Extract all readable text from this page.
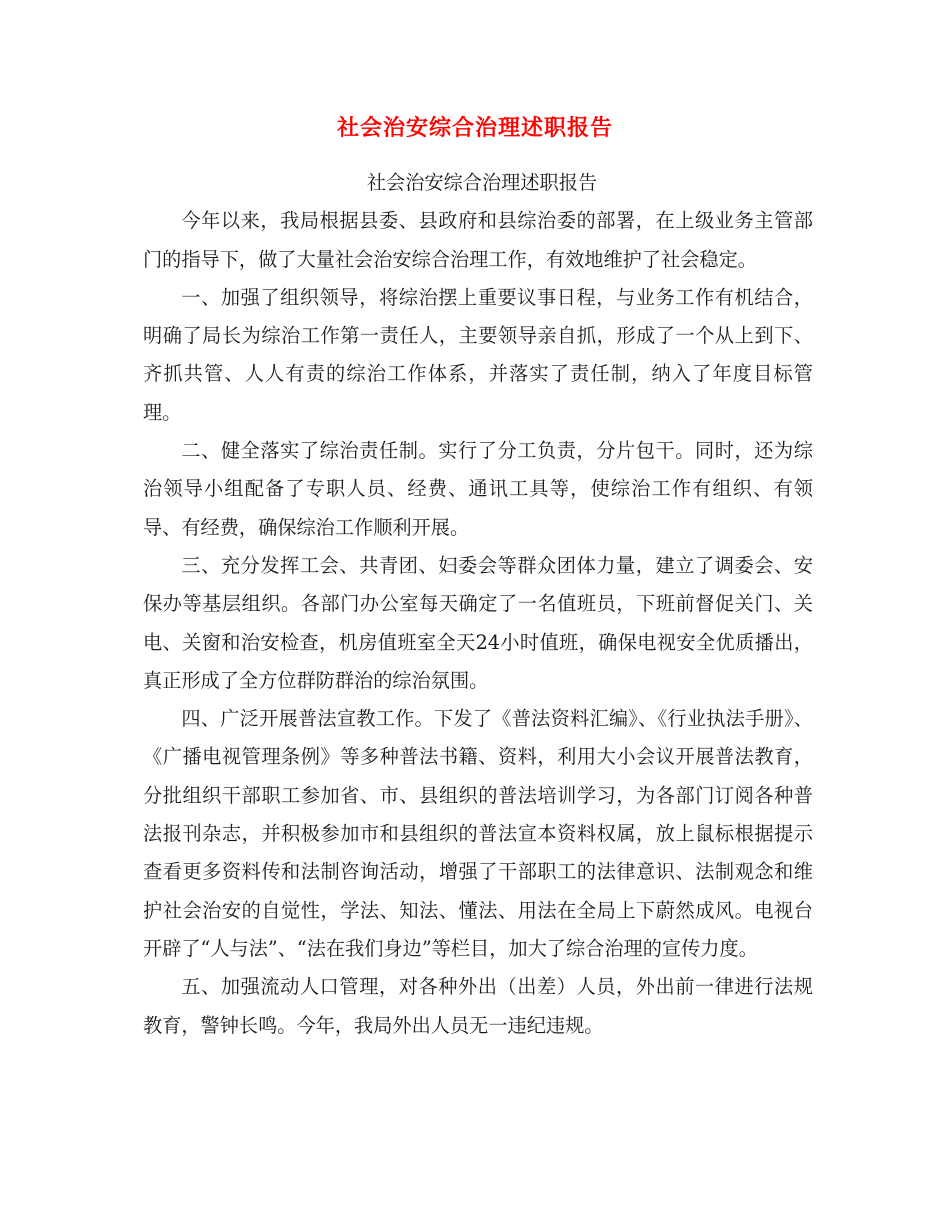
社会治安综合治理述职报告

社会治安综合治理述职报告

今年以来，我局根据县委、县政府和县综治委的部署，在上级业务主管部门的指导下，做了大量社会治安综合治理工作，有效地维护了社会稳定。

一、加强了组织领导，将综治摆上重要议事日程，与业务工作有机结合，明确了局长为综治工作第一责任人，主要领导亲自抓，形成了一个从上到下、齐抓共管、人人有责的综治工作体系，并落实了责任制，纳入了年度目标管理。

二、健全落实了综治责任制。实行了分工负责，分片包干。同时，还为综治领导小组配备了专职人员、经费、通讯工具等，使综治工作有组织、有领导、有经费，确保综治工作顺利开展。

三、充分发挥工会、共青团、妇委会等群众团体力量，建立了调委会、安保办等基层组织。各部门办公室每天确定了一名值班员，下班前督促关门、关电、关窗和治安检查，机房值班室全天24小时值班，确保电视安全优质播出，真正形成了全方位群防群治的综治氛围。

四、广泛开展普法宣教工作。下发了《普法资料汇编》、《行业执法手册》、《广播电视管理条例》等多种普法书籍、资料，利用大小会议开展普法教育，分批组织干部职工参加省、市、县组织的普法培训学习，为各部门订阅各种普法报刊杂志，并积极参加市和县组织的普法宣本资料权属，放上鼠标根据提示查看更多资料传和法制咨询活动，增强了干部职工的法律意识、法制观念和维护社会治安的自觉性，学法、知法、懂法、用法在全局上下蔚然成风。电视台开辟了“人与法”、“法在我们身边”等栏目，加大了综合治理的宣传力度。

五、加强流动人口管理，对各种外出（出差）人员，外出前一律进行法规教育，警钟长鸣。今年，我局外出人员无一违纪违规。
